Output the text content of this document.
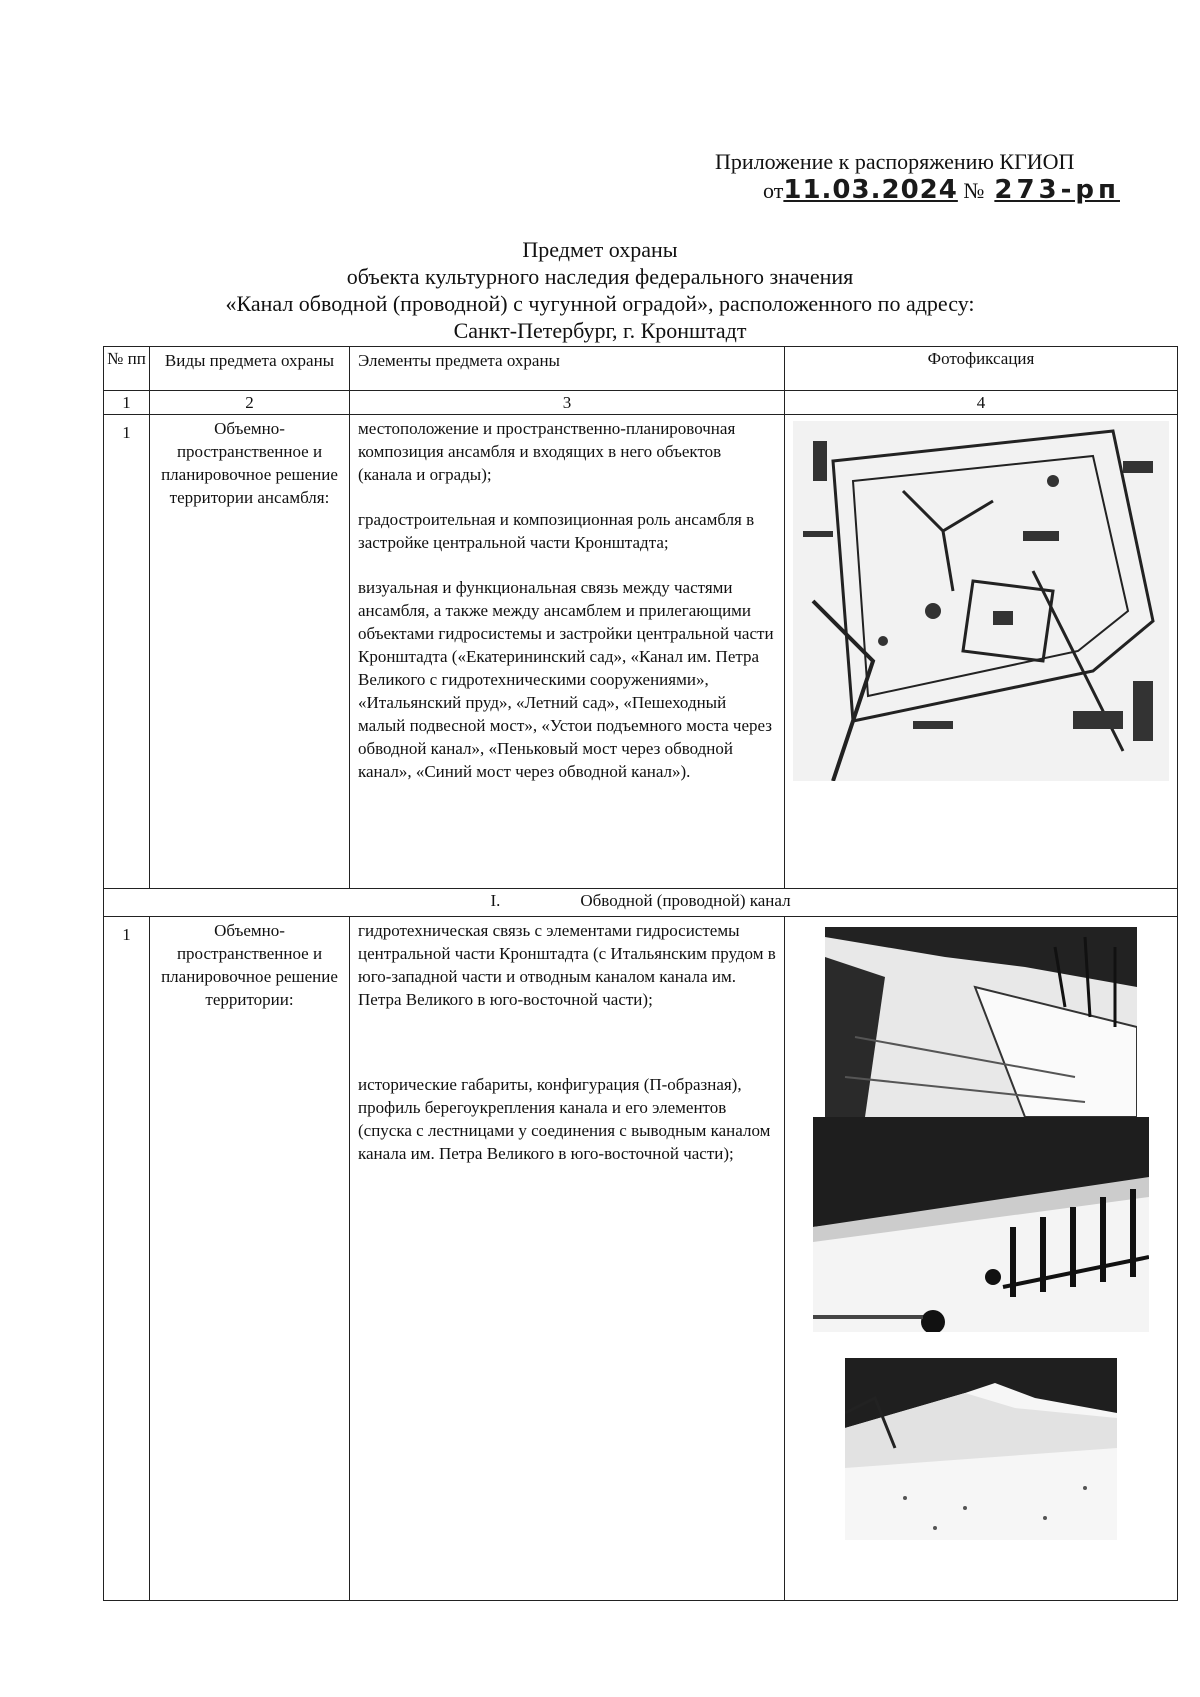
Приложение к распоряжению КГИОП
от11.03.2024 № 273-рп
Предмет охраны
объекта культурного наследия федерального значения
«Канал обводной (проводной) с чугунной оградой», расположенного по адресу:
Санкт-Петербург, г. Кронштадт
№ пп	Виды предмета охраны	Элементы предмета охраны	Фотофиксация
1	2	3	4
1	Объемно-пространственное и планировочное решение территории ансамбля:	местоположение и пространственно-планировочная композиция ансамбля и входящих в него объектов (канала и ограды);

градостроительная и композиционная роль ансамбля в застройке центральной части Кронштадта;

визуальная и функциональная связь между частями ансамбля, а также между ансамблем и прилегающими объектами гидросистемы и застройки центральной части Кронштадта («Екатерининский сад», «Канал им. Петра Великого с гидротехническими сооружениями», «Итальянский пруд», «Летний сад», «Пешеходный малый подвесной мост», «Устои подъемного моста через обводной канал», «Пеньковый мост через обводной канал», «Синий мост через обводной канал»).

I. Обводной (проводной) канал			
1	Объемно-пространственное и планировочное решение территории:	гидротехническая связь с элементами гидросистемы центральной части Кронштадта (с Итальянским прудом в юго-западной части и отводным каналом канала им. Петра Великого в юго-восточной части);

исторические габариты, конфигурация (П-образная), профиль берегоукрепления канала и его элементов (спуска с лестницами у соединения с выводным каналом канала им. Петра Великого в юго-восточной части);
